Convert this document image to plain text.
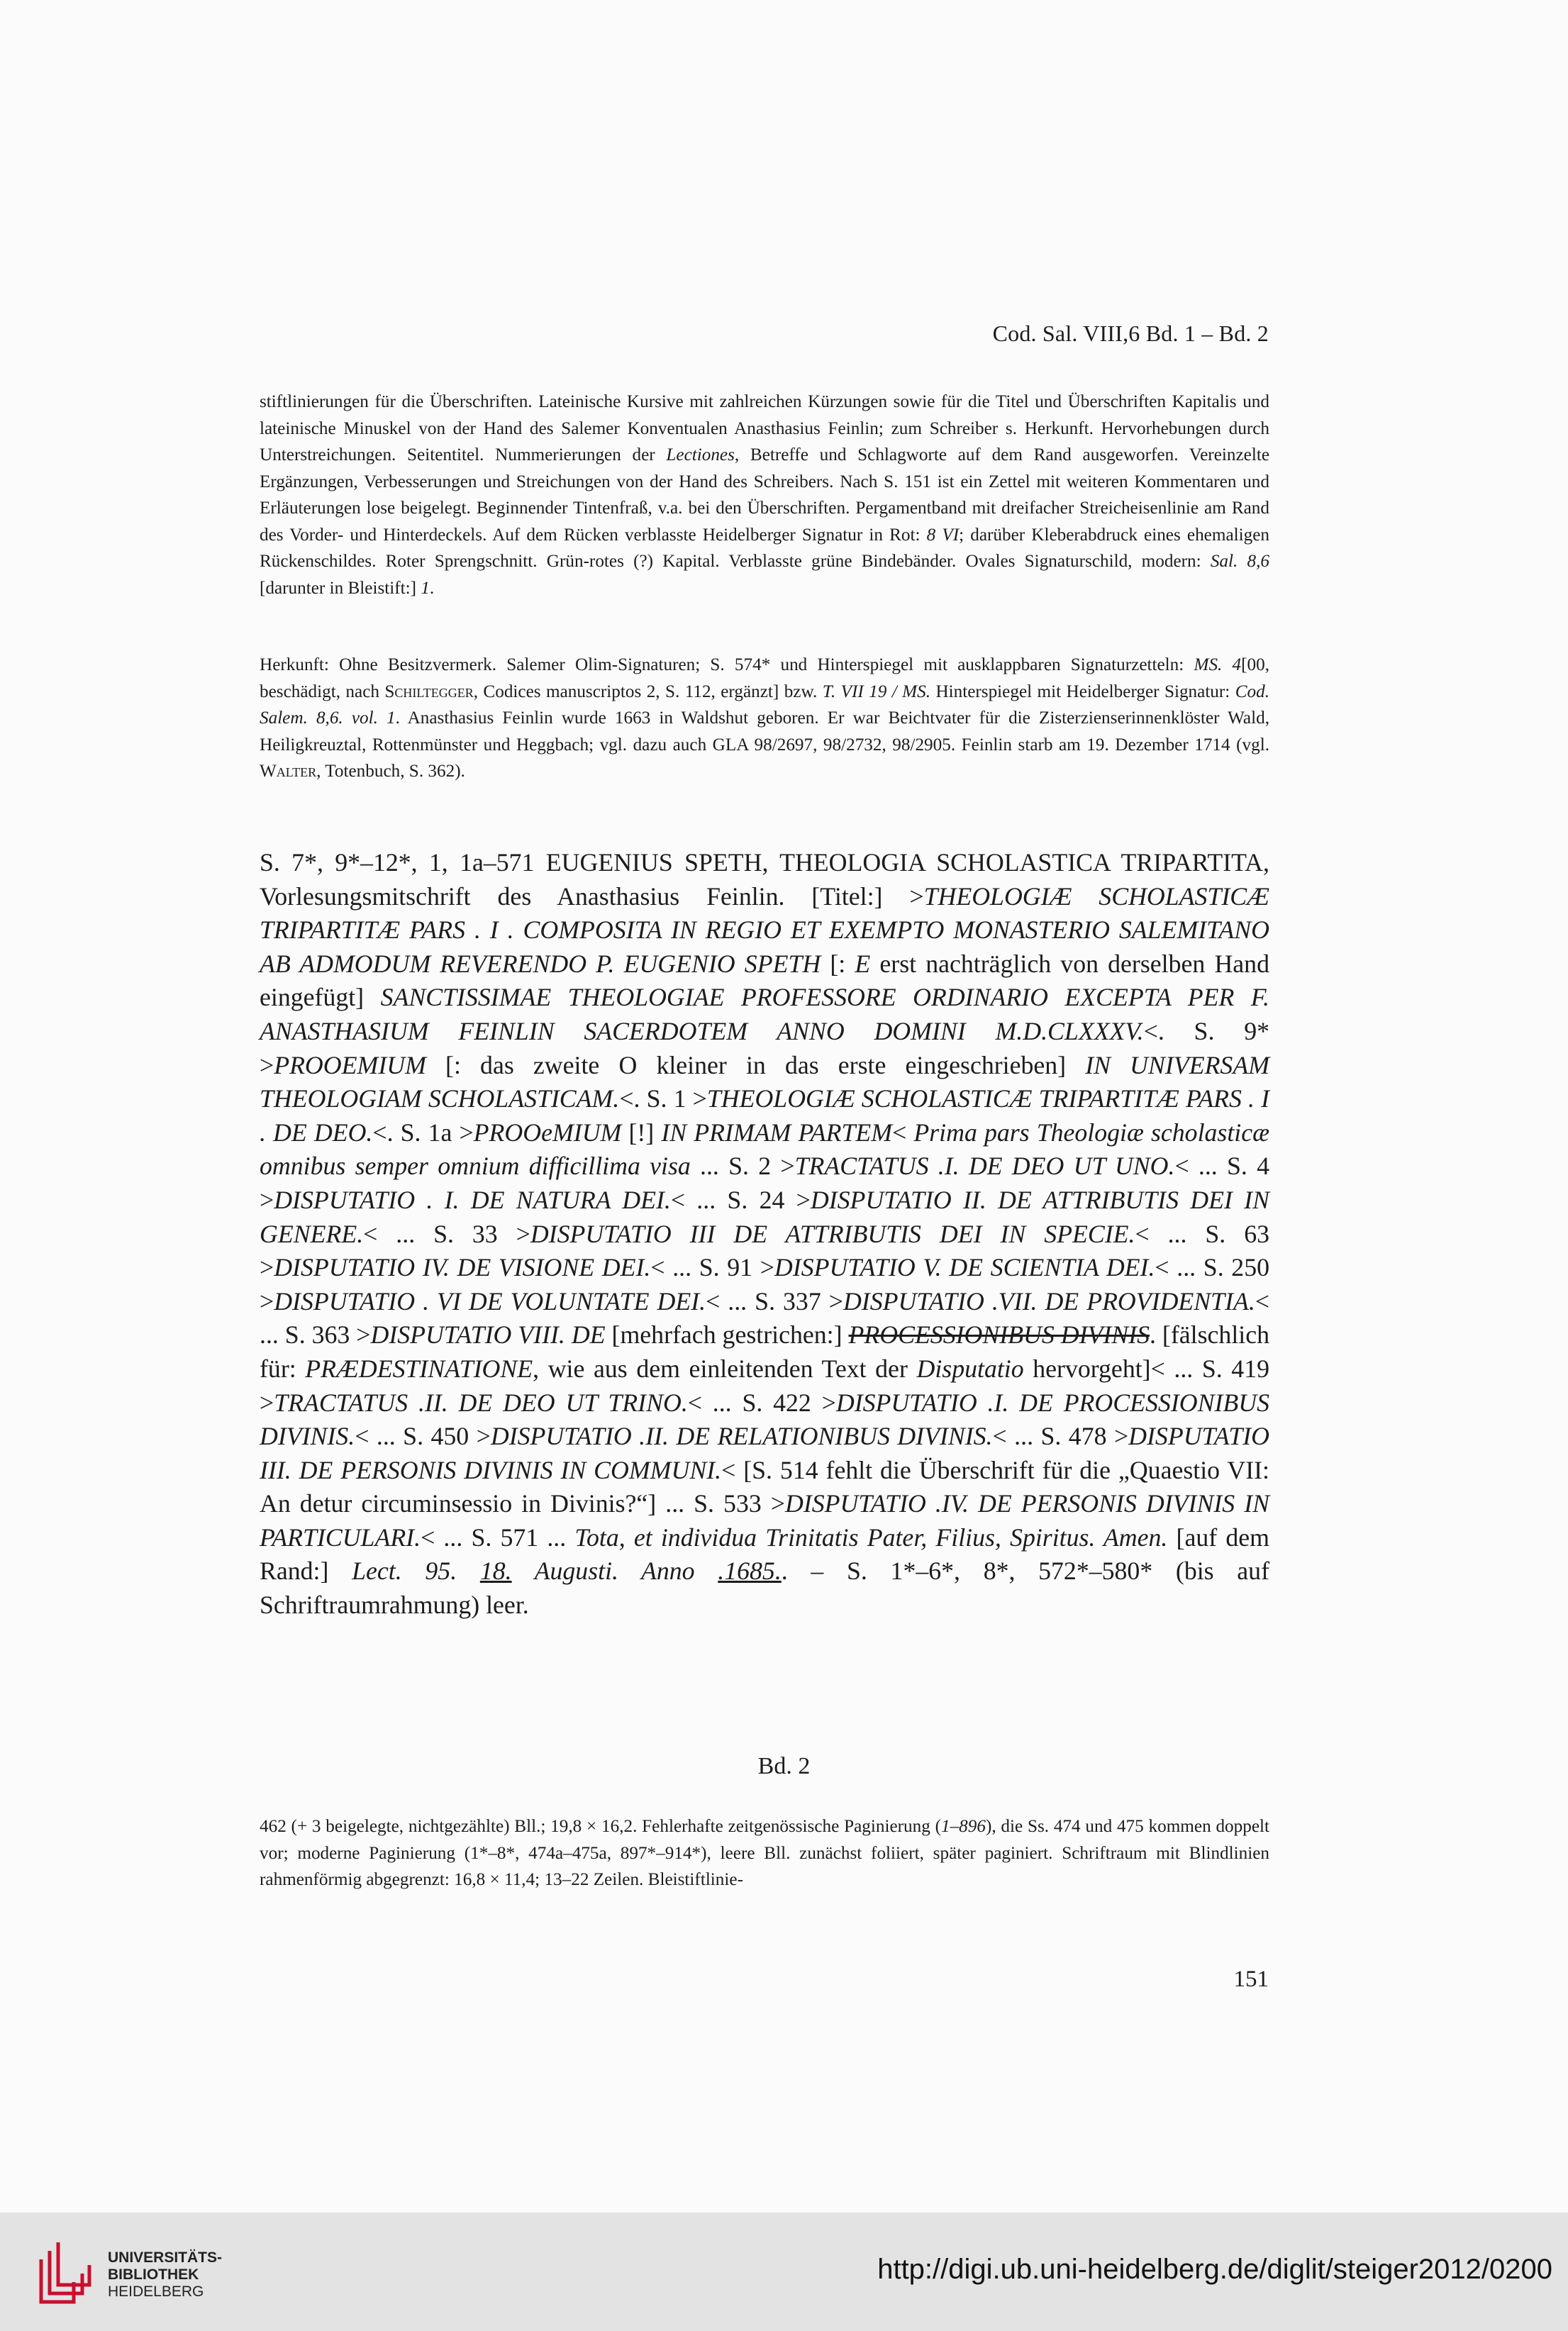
Cod. Sal. VIII,6 Bd. 1 – Bd. 2
stiftlinierungen für die Überschriften. Lateinische Kursive mit zahlreichen Kürzungen sowie für die Titel und Überschriften Kapitalis und lateinische Minuskel von der Hand des Salemer Konventualen Anasthasius Feinlin; zum Schreiber s. Herkunft. Hervorhebungen durch Unterstreichungen. Seitentitel. Nummerierungen der Lectiones, Betreffe und Schlagworte auf dem Rand ausgeworfen. Vereinzelte Ergänzungen, Verbesserungen und Streichungen von der Hand des Schreibers. Nach S. 151 ist ein Zettel mit weiteren Kommentaren und Erläuterungen lose beigelegt. Beginnender Tintenfraß, v.a. bei den Überschriften. Pergamentband mit dreifacher Streicheisenlinie am Rand des Vorder- und Hinterdeckels. Auf dem Rücken verblasste Heidelberger Signatur in Rot: 8 VI; darüber Kleberabdruck eines ehemaligen Rückenschildes. Roter Sprengschnitt. Grün-rotes (?) Kapital. Verblasste grüne Bindebänder. Ovales Signaturschild, modern: Sal. 8,6 [darunter in Bleistift:] 1.
Herkunft: Ohne Besitzvermerk. Salemer Olim-Signaturen; S. 574* und Hinterspiegel mit ausklappbaren Signaturzetteln: MS. 4[00, beschädigt, nach Schiltegger, Codices manuscriptos 2, S. 112, ergänzt] bzw. T. VII 19 / MS. Hinterspiegel mit Heidelberger Signatur: Cod. Salem. 8,6. vol. 1. Anasthasius Feinlin wurde 1663 in Waldshut geboren. Er war Beichtvater für die Zisterzienserinnenklöster Wald, Heiligkreuztal, Rottenmünster und Heggbach; vgl. dazu auch GLA 98/2697, 98/2732, 98/2905. Feinlin starb am 19. Dezember 1714 (vgl. Walter, Totenbuch, S. 362).
S. 7*, 9*–12*, 1, 1a–571 EUGENIUS SPETH, THEOLOGIA SCHOLASTICA TRIPARTITA, Vorlesungsmitschrift des Anasthasius Feinlin. [Titel:] >THEOLOGIÆ SCHOLASTICÆ TRIPARTITÆ PARS . I . COMPOSITA IN REGIO ET EXEMPTO MONASTERIO SALEMITANO AB ADMODUM REVERENDO P. EUGENIO SPETH [: E erst nachträglich von derselben Hand eingefügt] SANCTISSIMAE THEOLOGIAE PROFESSORE ORDINARIO EXCEPTA PER F. ANASTHASIUM FEINLIN SACERDOTEM ANNO DOMINI M.D.CLXXXV.<. S. 9* >PROOEMIUM [: das zweite O kleiner in das erste eingeschrieben] IN UNIVERSAM THEOLOGIAM SCHOLASTICAM.<. S. 1 >THEOLOGIÆ SCHOLASTICÆ TRIPARTITÆ PARS . I . DE DEO.<. S. 1a >PROOeMIUM [!] IN PRIMAM PARTEM< Prima pars Theologiæ scholasticæ omnibus semper omnium difficillima visa ... S. 2 >TRACTATUS .I. DE DEO UT UNO.< ... S. 4 >DISPUTATIO . I. DE NATURA DEI.< ... S. 24 >DISPUTATIO II. DE ATTRIBUTIS DEI IN GENERE.< ... S. 33 >DISPUTATIO III DE ATTRIBUTIS DEI IN SPECIE.< ... S. 63 >DISPUTATIO IV. DE VISIONE DEI.< ... S. 91 >DISPUTATIO V. DE SCIENTIA DEI.< ... S. 250 >DISPUTATIO . VI DE VOLUNTATE DEI.< ... S. 337 >DISPUTATIO .VII. DE PROVIDENTIA.< ... S. 363 >DISPUTATIO VIII. DE [mehrfach gestrichen:] PROCESSIONIBUS DIVINIS. [fälschlich für: PRÆDESTINATIONE, wie aus dem einleitenden Text der Disputatio hervorgeht]< ... S. 419 >TRACTATUS .II. DE DEO UT TRINO.< ... S. 422 >DISPUTATIO .I. DE PROCESSIONIBUS DIVINIS.< ... S. 450 >DISPUTATIO .II. DE RELATIONIBUS DIVINIS.< ... S. 478 >DISPUTATIO III. DE PERSONIS DIVINIS IN COMMUNI.< [S. 514 fehlt die Überschrift für die „Quaestio VII: An detur circuminsessio in Divinis?“] ... S. 533 >DISPUTATIO .IV. DE PERSONIS DIVINIS IN PARTICULARI.< ... S. 571 ... Tota, et individua Trinitatis Pater, Filius, Spiritus. Amen. [auf dem Rand:] Lect. 95. 18. Augusti. Anno .1685.. – S. 1*–6*, 8*, 572*–580* (bis auf Schriftraumrahmung) leer.
Bd. 2
462 (+ 3 beigelegte, nichtgezählte) Bll.; 19,8 × 16,2. Fehlerhafte zeitgenössische Paginierung (1–896), die Ss. 474 und 475 kommen doppelt vor; moderne Paginierung (1*–8*, 474a–475a, 897*–914*), leere Bll. zunächst foliiert, später paginiert. Schriftraum mit Blindlinien rahmenförmig abgegrenzt: 16,8 × 11,4; 13–22 Zeilen. Bleistiftlinie-
151
UNIVERSITÄTS-
BIBLIOTHEK
HEIDELBERG
http://digi.ub.uni-heidelberg.de/diglit/steiger2012/0200
